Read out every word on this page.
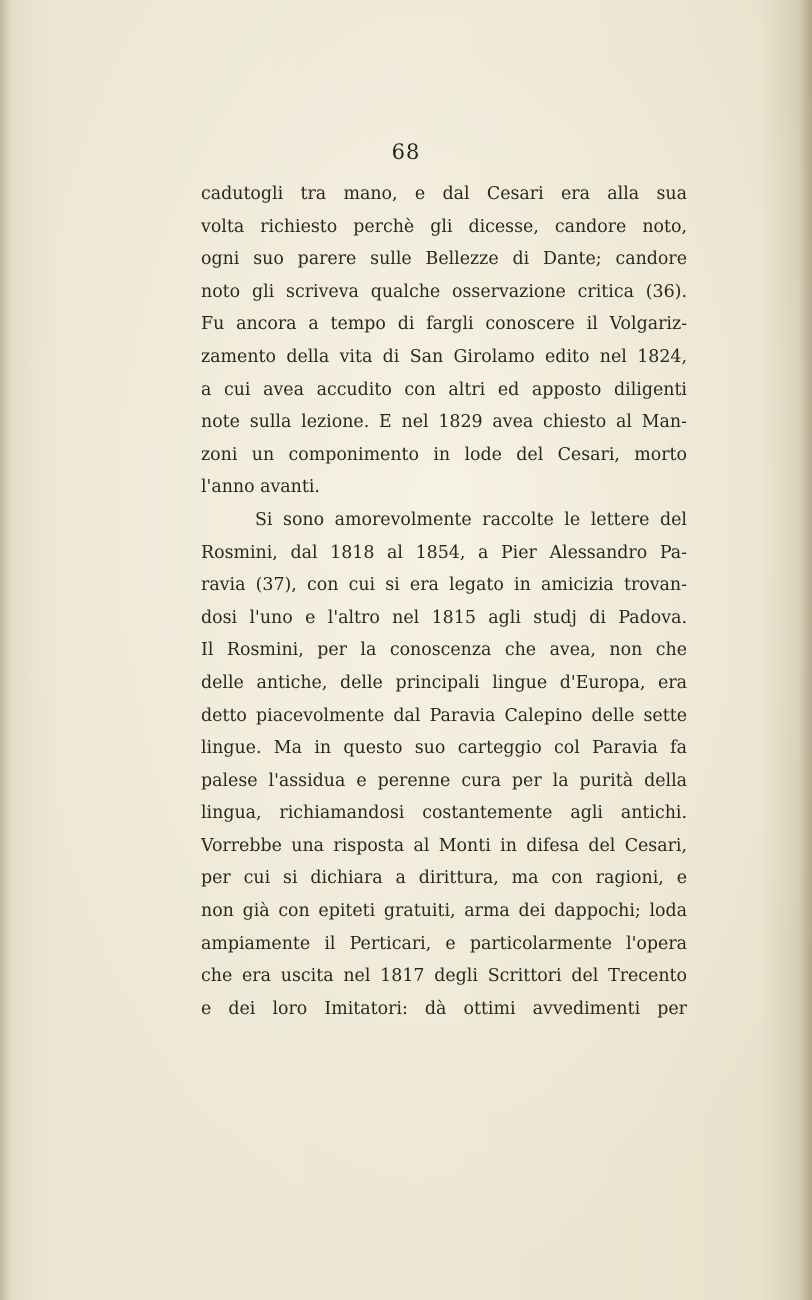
68
cadutogli tra mano, e dal Cesari era alla sua
volta richiesto perchè gli dicesse, candore noto,
ogni suo parere sulle Bellezze di Dante; candore
noto gli scriveva qualche osservazione critica (36).
Fu ancora a tempo di fargli conoscere il Volgariz-
zamento della vita di San Girolamo edito nel 1824,
a cui avea accudito con altri ed apposto diligenti
note sulla lezione. E nel 1829 avea chiesto al Man-
zoni un componimento in lode del Cesari, morto
l'anno avanti.
Si sono amorevolmente raccolte le lettere del
Rosmini, dal 1818 al 1854, a Pier Alessandro Pa-
ravia (37), con cui si era legato in amicizia trovan-
dosi l'uno e l'altro nel 1815 agli studj di Padova.
Il Rosmini, per la conoscenza che avea, non che
delle antiche, delle principali lingue d'Europa, era
detto piacevolmente dal Paravia Calepino delle sette
lingue. Ma in questo suo carteggio col Paravia fa
palese l'assidua e perenne cura per la purità della
lingua, richiamandosi costantemente agli antichi.
Vorrebbe una risposta al Monti in difesa del Cesari,
per cui si dichiara a dirittura, ma con ragioni, e
non già con epiteti gratuiti, arma dei dappochi; loda
ampiamente il Perticari, e particolarmente l'opera
che era uscita nel 1817 degli Scrittori del Trecento
e dei loro Imitatori: dà ottimi avvedimenti per
